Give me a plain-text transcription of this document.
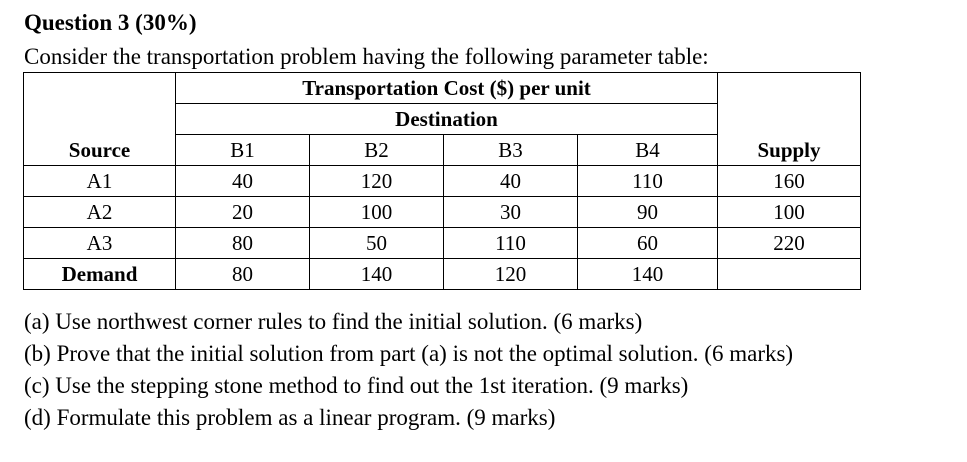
Question 3 (30%)
Consider the transportation problem having the following parameter table:
	Transportation Cost ($) per unit				
	Destination				
Source	B1	B2	B3	B4	Supply
A1	40	120	40	110	160
A2	20	100	30	90	100
A3	80	50	110	60	220
Demand	80	140	120	140	
(a) Use northwest corner rules to find the initial solution. (6 marks)
(b) Prove that the initial solution from part (a) is not the optimal solution. (6 marks)
(c) Use the stepping stone method to find out the 1st iteration. (9 marks)
(d) Formulate this problem as a linear program. (9 marks)
